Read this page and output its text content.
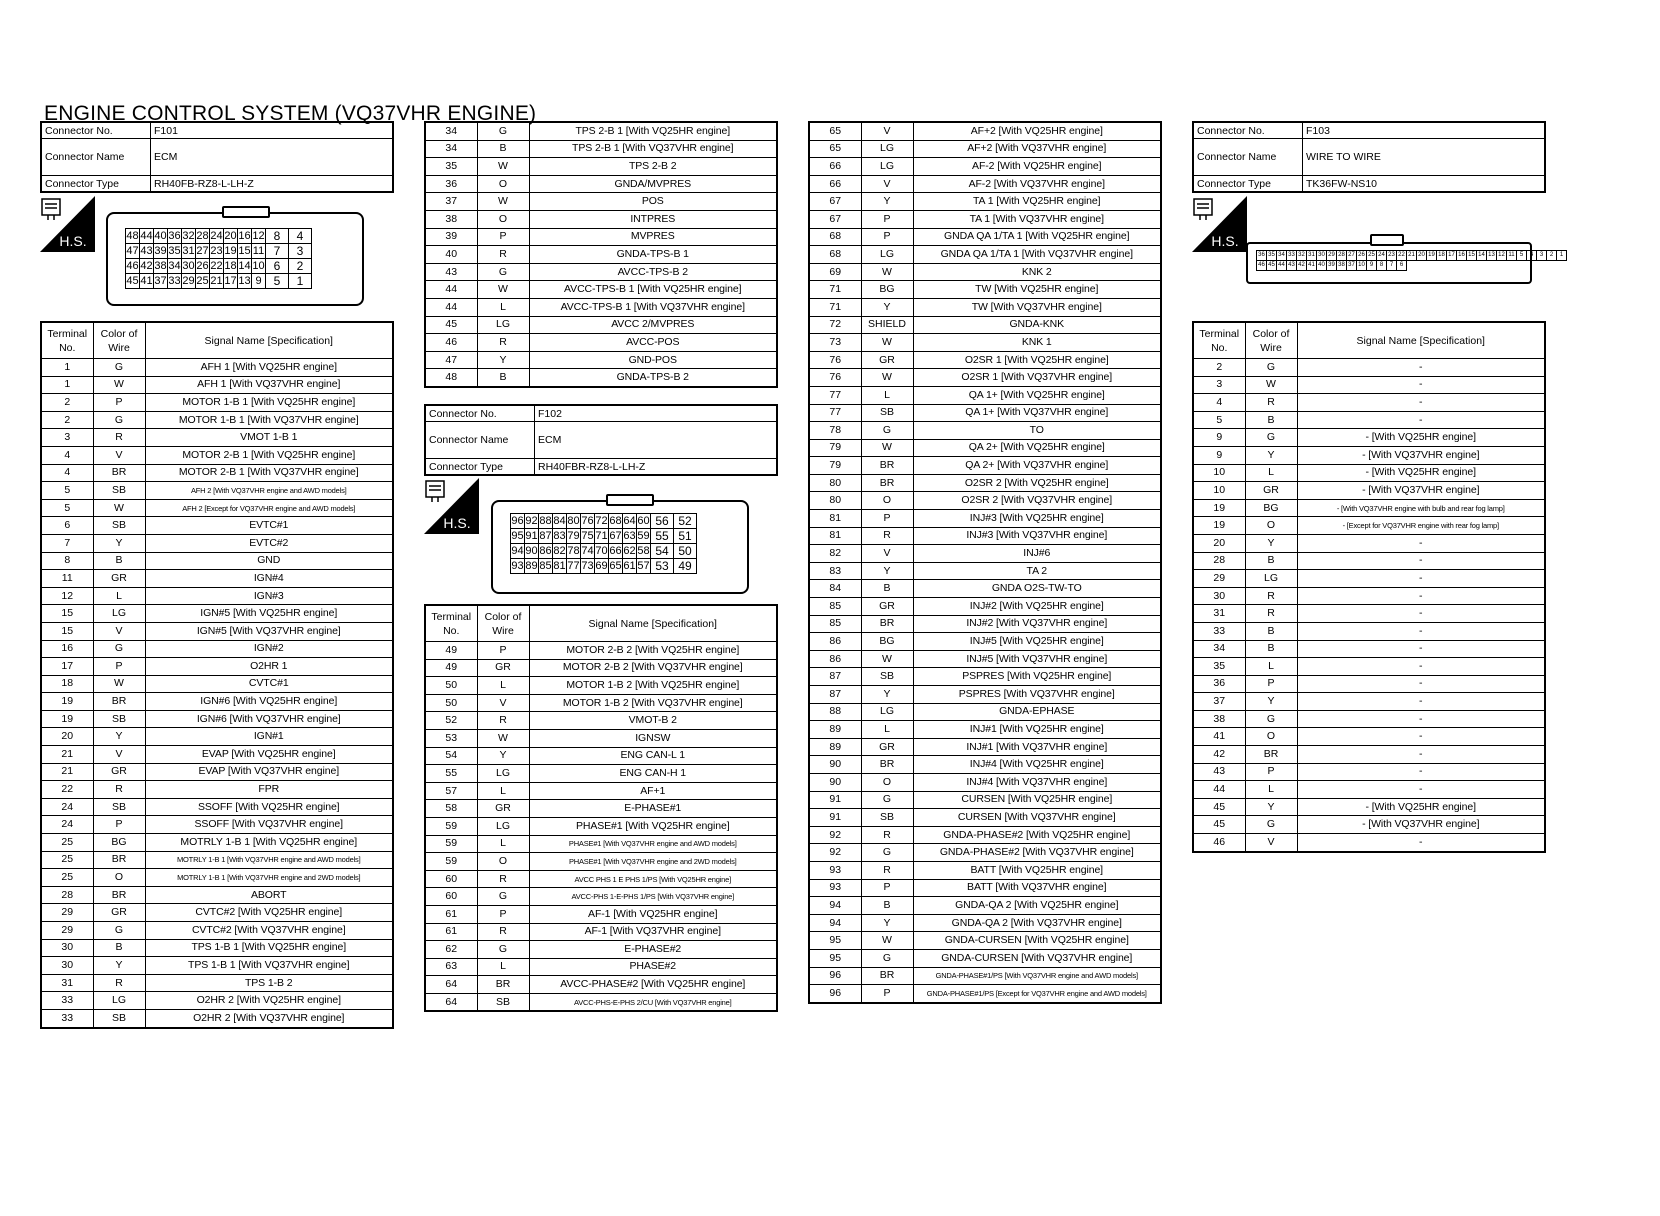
ENGINE CONTROL SYSTEM (VQ37VHR ENGINE)
Connector No.	F101
Connector Name	ECM
Connector Type	RH40FB-RZ8-L-LH-Z
Connector No.	F102
Connector Name	ECM
Connector Type	RH40FBR-RZ8-L-LH-Z
Connector No.	F103
Connector Name	WIRE TO WIRE
Connector Type	TK36FW-NS10
H.S.
H.S.
H.S.
48	44	40	36	32	28	24	20	16	12	8	4
47	43	39	35	31	27	23	19	15	11	7	3
46	42	38	34	30	26	22	18	14	10	6	2
45	41	37	33	29	25	21	17	13	9	5	1
96	92	88	84	80	76	72	68	64	60	56	52
95	91	87	83	79	75	71	67	63	59	55	51
94	90	86	82	78	74	70	66	62	58	54	50
93	89	85	81	77	73	69	65	61	57	53	49
36	35	34	33	32	31	30	29	28	27	26	25	24	23	22	21	20	19	18	17	16	15	14	13	12	11	5	4	3	2	1
46	45	44	43	42	41	40	39	38	37	10	9	8	7	6																
Terminal No.	Color of Wire	Signal Name [Specification]
1	G	AFH 1 [With VQ25HR engine]
1	W	AFH 1 [With VQ37VHR engine]
2	P	MOTOR 1-B 1 [With VQ25HR engine]
2	G	MOTOR 1-B 1 [With VQ37VHR engine]
3	R	VMOT 1-B 1
4	V	MOTOR 2-B 1 [With VQ25HR engine]
4	BR	MOTOR 2-B 1 [With VQ37VHR engine]
5	SB	AFH 2 [With VQ37VHR engine and AWD models]
5	W	AFH 2 [Except for VQ37VHR engine and AWD models]
6	SB	EVTC#1
7	Y	EVTC#2
8	B	GND
11	GR	IGN#4
12	L	IGN#3
15	LG	IGN#5 [With VQ25HR engine]
15	V	IGN#5 [With VQ37VHR engine]
16	G	IGN#2
17	P	O2HR 1
18	W	CVTC#1
19	BR	IGN#6 [With VQ25HR engine]
19	SB	IGN#6 [With VQ37VHR engine]
20	Y	IGN#1
21	V	EVAP [With VQ25HR engine]
21	GR	EVAP [With VQ37VHR engine]
22	R	FPR
24	SB	SSOFF [With VQ25HR engine]
24	P	SSOFF [With VQ37VHR engine]
25	BG	MOTRLY 1-B 1 [With VQ25HR engine]
25	BR	MOTRLY 1-B 1 [With VQ37VHR engine and AWD models]
25	O	MOTRLY 1-B 1 [With VQ37VHR engine and 2WD models]
28	BR	ABORT
29	GR	CVTC#2 [With VQ25HR engine]
29	G	CVTC#2 [With VQ37VHR engine]
30	B	TPS 1-B 1 [With VQ25HR engine]
30	Y	TPS 1-B 1 [With VQ37VHR engine]
31	R	TPS 1-B 2
33	LG	O2HR 2 [With VQ25HR engine]
33	SB	O2HR 2 [With VQ37VHR engine]
34	G	TPS 2-B 1 [With VQ25HR engine]
34	B	TPS 2-B 1 [With VQ37VHR engine]
35	W	TPS 2-B 2
36	O	GNDA/MVPRES
37	W	POS
38	O	INTPRES
39	P	MVPRES
40	R	GNDA-TPS-B 1
43	G	AVCC-TPS-B 2
44	W	AVCC-TPS-B 1 [With VQ25HR engine]
44	L	AVCC-TPS-B 1 [With VQ37VHR engine]
45	LG	AVCC 2/MVPRES
46	R	AVCC-POS
47	Y	GND-POS
48	B	GNDA-TPS-B 2
Terminal No.	Color of Wire	Signal Name [Specification]
49	P	MOTOR 2-B 2 [With VQ25HR engine]
49	GR	MOTOR 2-B 2 [With VQ37VHR engine]
50	L	MOTOR 1-B 2 [With VQ25HR engine]
50	V	MOTOR 1-B 2 [With VQ37VHR engine]
52	R	VMOT-B 2
53	W	IGNSW
54	Y	ENG CAN-L 1
55	LG	ENG CAN-H 1
57	L	AF+1
58	GR	E-PHASE#1
59	LG	PHASE#1 [With VQ25HR engine]
59	L	PHASE#1 [With VQ37VHR engine and AWD models]
59	O	PHASE#1 [With VQ37VHR engine and 2WD models]
60	R	AVCC PHS 1 E PHS 1/PS [With VQ25HR engine]
60	G	AVCC-PHS 1-E-PHS 1/PS [With VQ37VHR engine]
61	P	AF-1 [With VQ25HR engine]
61	R	AF-1 [With VQ37VHR engine]
62	G	E-PHASE#2
63	L	PHASE#2
64	BR	AVCC-PHASE#2 [With VQ25HR engine]
64	SB	AVCC-PHS-E-PHS 2/CU [With VQ37VHR engine]
65	V	AF+2 [With VQ25HR engine]
65	LG	AF+2 [With VQ37VHR engine]
66	LG	AF-2 [With VQ25HR engine]
66	V	AF-2 [With VQ37VHR engine]
67	Y	TA 1 [With VQ25HR engine]
67	P	TA 1 [With VQ37VHR engine]
68	P	GNDA QA 1/TA 1 [With VQ25HR engine]
68	LG	GNDA QA 1/TA 1 [With VQ37VHR engine]
69	W	KNK 2
71	BG	TW [With VQ25HR engine]
71	Y	TW [With VQ37VHR engine]
72	SHIELD	GNDA-KNK
73	W	KNK 1
76	GR	O2SR 1 [With VQ25HR engine]
76	W	O2SR 1 [With VQ37VHR engine]
77	L	QA 1+ [With VQ25HR engine]
77	SB	QA 1+ [With VQ37VHR engine]
78	G	TO
79	W	QA 2+ [With VQ25HR engine]
79	BR	QA 2+ [With VQ37VHR engine]
80	BR	O2SR 2 [With VQ25HR engine]
80	O	O2SR 2 [With VQ37VHR engine]
81	P	INJ#3 [With VQ25HR engine]
81	R	INJ#3 [With VQ37VHR engine]
82	V	INJ#6
83	Y	TA 2
84	B	GNDA O2S-TW-TO
85	GR	INJ#2 [With VQ25HR engine]
85	BR	INJ#2 [With VQ37VHR engine]
86	BG	INJ#5 [With VQ25HR engine]
86	W	INJ#5 [With VQ37VHR engine]
87	SB	PSPRES [With VQ25HR engine]
87	Y	PSPRES [With VQ37VHR engine]
88	LG	GNDA-EPHASE
89	L	INJ#1 [With VQ25HR engine]
89	GR	INJ#1 [With VQ37VHR engine]
90	BR	INJ#4 [With VQ25HR engine]
90	O	INJ#4 [With VQ37VHR engine]
91	G	CURSEN [With VQ25HR engine]
91	SB	CURSEN [With VQ37VHR engine]
92	R	GNDA-PHASE#2 [With VQ25HR engine]
92	G	GNDA-PHASE#2 [With VQ37VHR engine]
93	R	BATT [With VQ25HR engine]
93	P	BATT [With VQ37VHR engine]
94	B	GNDA-QA 2 [With VQ25HR engine]
94	Y	GNDA-QA 2 [With VQ37VHR engine]
95	W	GNDA-CURSEN [With VQ25HR engine]
95	G	GNDA-CURSEN [With VQ37VHR engine]
96	BR	GNDA-PHASE#1/PS [With VQ37VHR engine and AWD models]
96	P	GNDA-PHASE#1/PS [Except for VQ37VHR engine and AWD models]
Terminal No.	Color of Wire	Signal Name [Specification]
2	G	-
3	W	-
4	R	-
5	B	-
9	G	- [With VQ25HR engine]
9	Y	- [With VQ37VHR engine]
10	L	- [With VQ25HR engine]
10	GR	- [With VQ37VHR engine]
19	BG	- [With VQ37VHR engine with bulb and rear fog lamp]
19	O	- [Except for VQ37VHR engine with rear fog lamp]
20	Y	-
28	B	-
29	LG	-
30	R	-
31	R	-
33	B	-
34	B	-
35	L	-
36	P	-
37	Y	-
38	G	-
41	O	-
42	BR	-
43	P	-
44	L	-
45	Y	- [With VQ25HR engine]
45	G	- [With VQ37VHR engine]
46	V	-
